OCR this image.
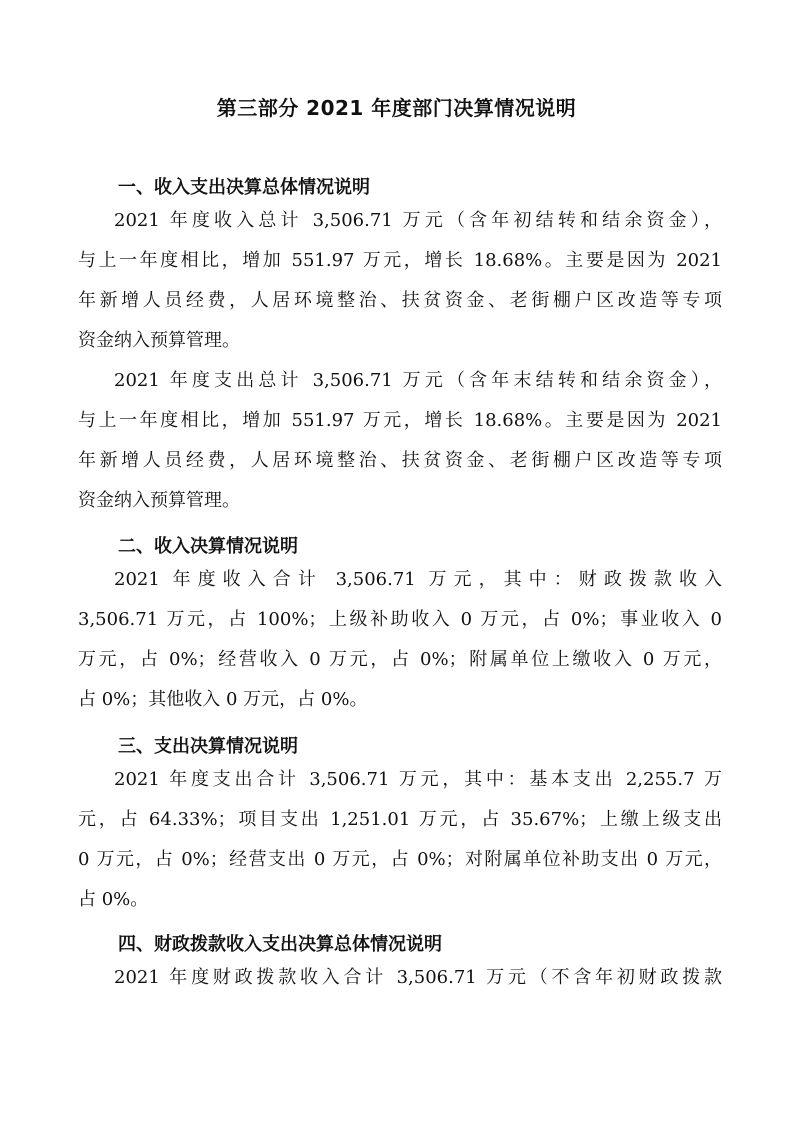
第三部分 2021 年度部门决算情况说明
一、收入支出决算总体情况说明
2021 年度收入总计 3,506.71 万元（含年初结转和结余资金），
与上一年度相比，增加 551.97 万元，增长 18.68%。主要是因为 2021
年新增人员经费，人居环境整治、扶贫资金、老街棚户区改造等专项
资金纳入预算管理。
2021 年度支出总计 3,506.71 万元（含年末结转和结余资金），
与上一年度相比，增加 551.97 万元，增长 18.68%。主要是因为 2021
年新增人员经费，人居环境整治、扶贫资金、老街棚户区改造等专项
资金纳入预算管理。
二、收入决算情况说明
2021 年度收入合计 3,506.71 万元，其中：财政拨款收入
3,506.71 万元，占 100%；上级补助收入 0 万元，占 0%；事业收入 0
万元，占 0%；经营收入 0 万元，占 0%；附属单位上缴收入 0 万元，
占 0%；其他收入 0 万元，占 0%。
三、支出决算情况说明
2021 年度支出合计 3,506.71 万元，其中：基本支出 2,255.7 万
元，占 64.33%；项目支出 1,251.01 万元，占 35.67%；上缴上级支出
0 万元，占 0%；经营支出 0 万元，占 0%；对附属单位补助支出 0 万元，
占 0%。
四、财政拨款收入支出决算总体情况说明
2021 年度财政拨款收入合计 3,506.71 万元（不含年初财政拨款
